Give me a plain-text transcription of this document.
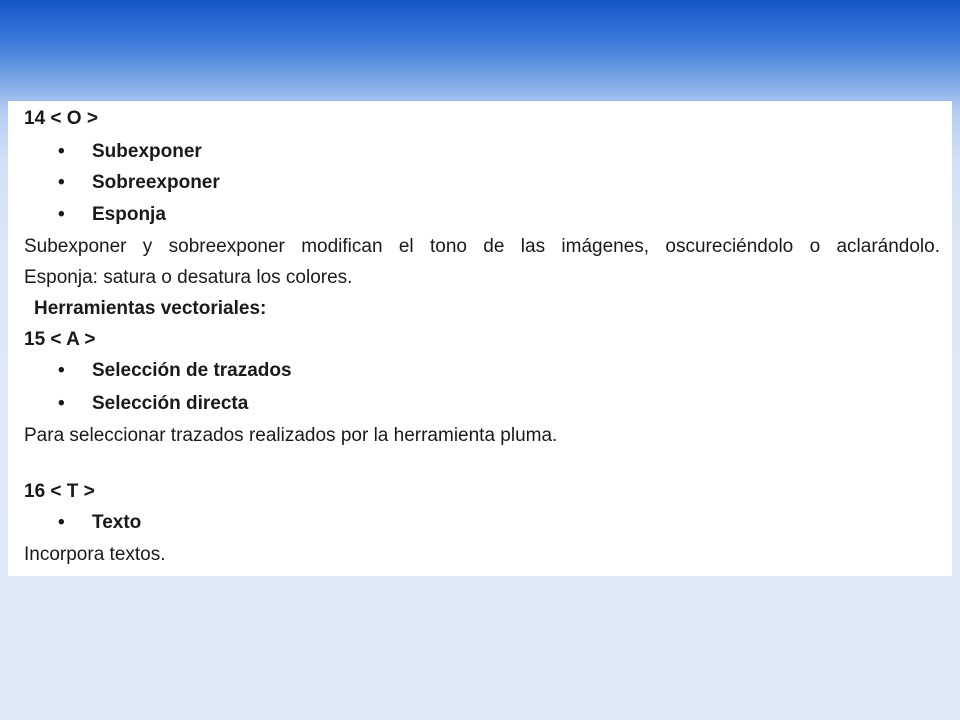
14 < O >
• Subexponer
• Sobreexponer
• Esponja
Subexponer y sobreexponer modifican el tono de las imágenes, oscureciéndolo o aclarándolo.
Esponja: satura o desatura los colores.
Herramientas vectoriales:
15 < A >
• Selección de trazados
• Selección directa
Para seleccionar trazados realizados por la herramienta pluma.
16 < T >
• Texto
Incorpora textos.
